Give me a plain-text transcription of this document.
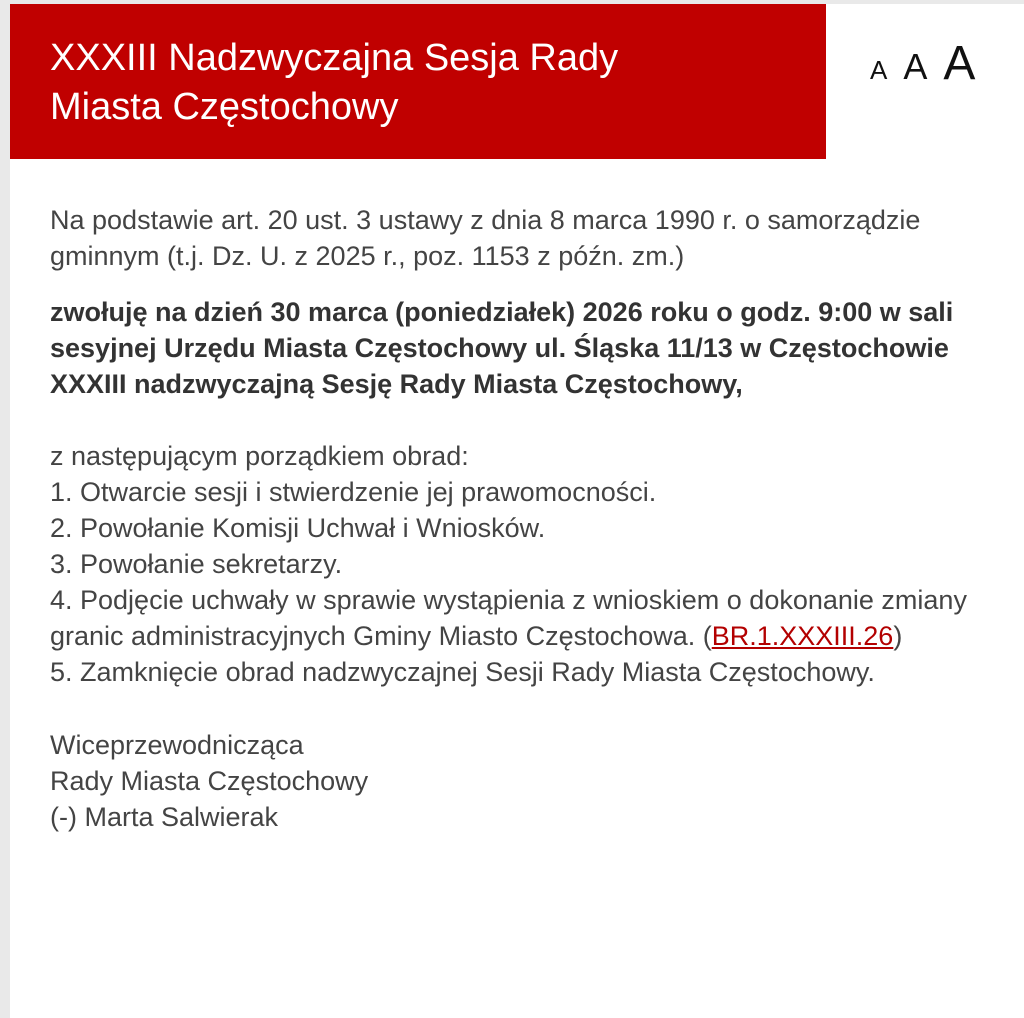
XXXIII Nadzwyczajna Sesja Rady
Miasta Częstochowy
A A A

Na podstawie art. 20 ust. 3 ustawy z dnia 8 marca 1990 r. o samorządzie gminnym (t.j. Dz. U. z 2025 r., poz. 1153 z późn. zm.)

zwołuję na dzień 30 marca (poniedziałek) 2026 roku o godz. 9:00 w sali sesyjnej Urzędu Miasta Częstochowy ul. Śląska 11/13 w Częstochowie XXXIII nadzwyczajną Sesję Rady Miasta Częstochowy,

z następującym porządkiem obrad:

1. Otwarcie sesji i stwierdzenie jej prawomocności.
2. Powołanie Komisji Uchwał i Wniosków.
3. Powołanie sekretarzy.
4. Podjęcie uchwały w sprawie wystąpienia z wnioskiem o dokonanie zmiany granic administracyjnych Gminy Miasto Częstochowa. (BR.1.XXXIII.26)
5. Zamknięcie obrad nadzwyczajnej Sesji Rady Miasta Częstochowy.

Wiceprzewodnicząca
Rady Miasta Częstochowy
(-) Marta Salwierak
